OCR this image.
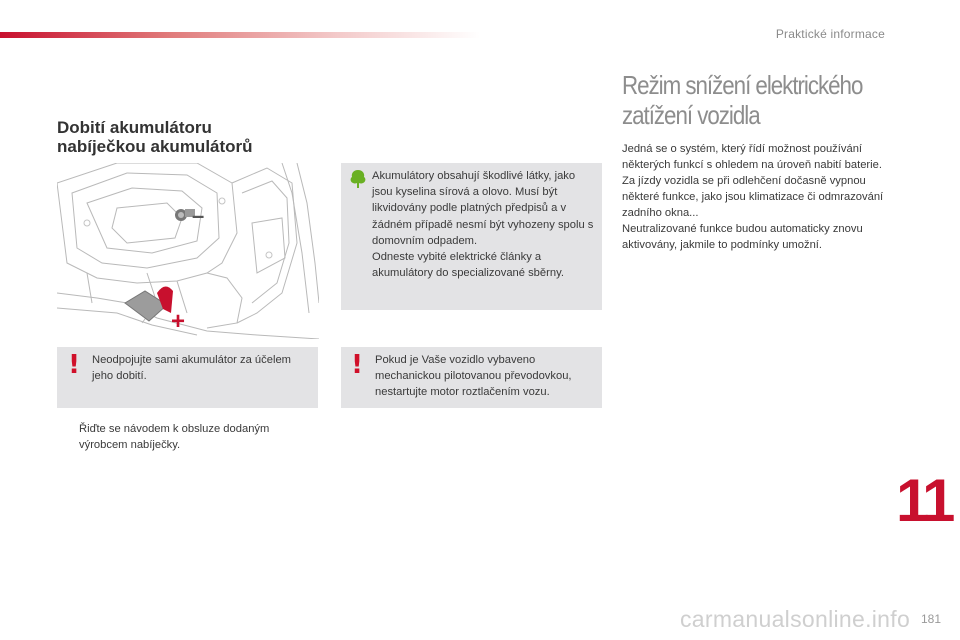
Praktické informace
Dobití akumulátoru
nabíječkou akumulátorů
–
+
Akumulátory obsahují škodlivé látky, jako jsou kyselina sírová a olovo. Musí být likvidovány podle platných předpisů a v žádném případě nesmí být vyhozeny spolu s domovním odpadem.
Odneste vybité elektrické články a akumulátory do specializované sběrny.
!	Neodpojujte sami akumulátor za účelem jeho dobití.	!	Pokud je Vaše vozidlo vybaveno mechanickou pilotovanou převodovkou, nestartujte motor roztlačením vozu.
Řiďte se návodem k obsluze dodaným výrobcem nabíječky.
Režim snížení elektrického
zatížení vozidla

Jedná se o systém, který řídí možnost používání některých funkcí s ohledem na úroveň nabití baterie.

Za jízdy vozidla se při odlehčení dočasně vypnou některé funkce, jako jsou klimatizace či odmrazování zadního okna...

Neutralizované funkce budou automaticky znovu aktivovány, jakmile to podmínky umožní.

11
carmanualsonline.info 181
